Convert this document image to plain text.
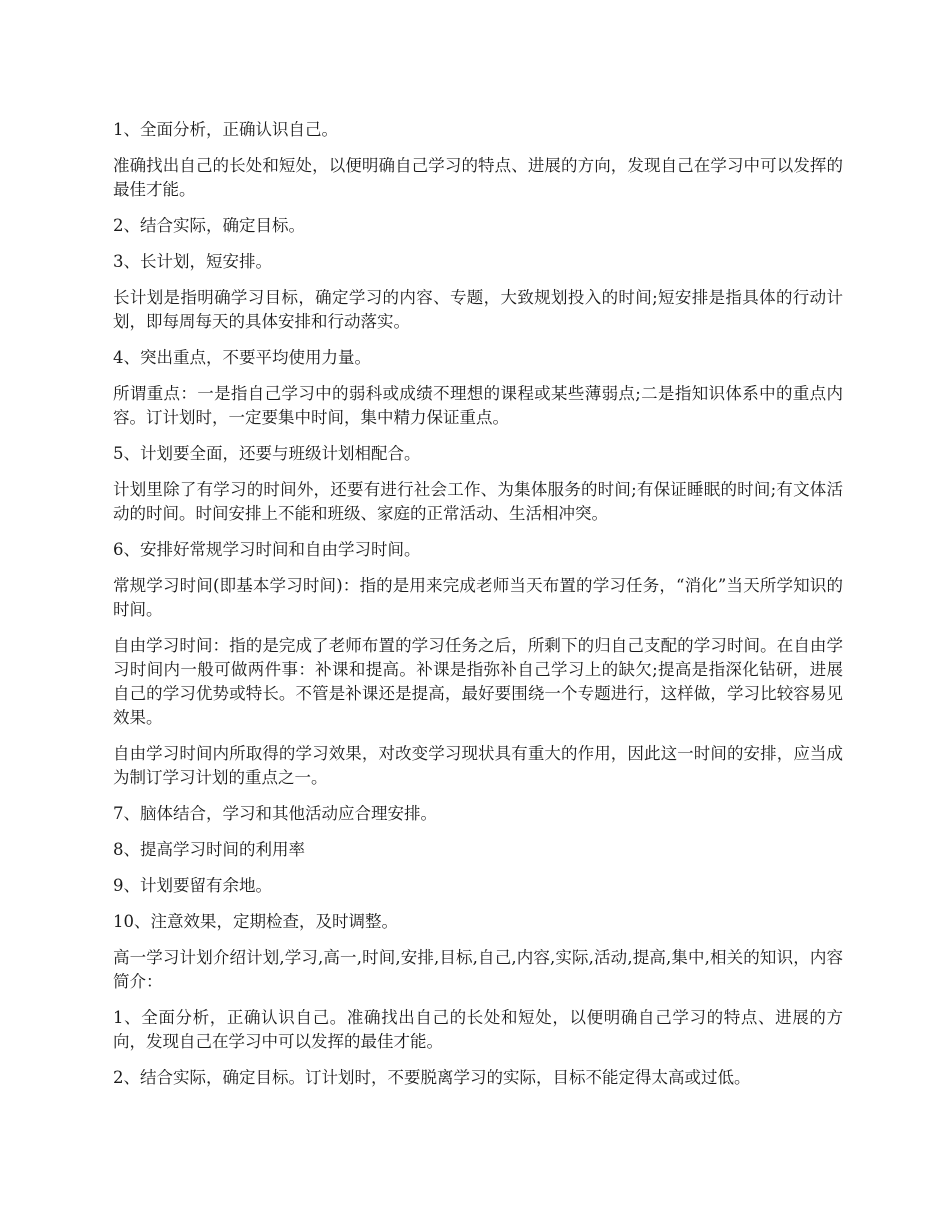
1、全面分析，正确认识自己。

准确找出自己的长处和短处，以便明确自己学习的特点、进展的方向，发现自己在学习中可以发挥的最佳才能。

2、结合实际，确定目标。

3、长计划，短安排。

长计划是指明确学习目标，确定学习的内容、专题，大致规划投入的时间;短安排是指具体的行动计划，即每周每天的具体安排和行动落实。

4、突出重点，不要平均使用力量。

所谓重点：一是指自己学习中的弱科或成绩不理想的课程或某些薄弱点;二是指知识体系中的重点内容。订计划时，一定要集中时间，集中精力保证重点。

5、计划要全面，还要与班级计划相配合。

计划里除了有学习的时间外，还要有进行社会工作、为集体服务的时间;有保证睡眠的时间;有文体活动的时间。时间安排上不能和班级、家庭的正常活动、生活相冲突。

6、安排好常规学习时间和自由学习时间。

常规学习时间(即基本学习时间)：指的是用来完成老师当天布置的学习任务，“消化”当天所学知识的时间。

自由学习时间：指的是完成了老师布置的学习任务之后，所剩下的归自己支配的学习时间。在自由学习时间内一般可做两件事：补课和提高。补课是指弥补自己学习上的缺欠;提高是指深化钻研，进展自己的学习优势或特长。不管是补课还是提高，最好要围绕一个专题进行，这样做，学习比较容易见效果。

自由学习时间内所取得的学习效果，对改变学习现状具有重大的作用，因此这一时间的安排，应当成为制订学习计划的重点之一。

7、脑体结合，学习和其他活动应合理安排。

8、提高学习时间的利用率

9、计划要留有余地。

10、注意效果，定期检查，及时调整。

高一学习计划介绍计划,学习,高一,时间,安排,目标,自己,内容,实际,活动,提高,集中,相关的知识，内容简介：

1、全面分析，正确认识自己。准确找出自己的长处和短处，以便明确自己学习的特点、进展的方向，发现自己在学习中可以发挥的最佳才能。

2、结合实际，确定目标。订计划时，不要脱离学习的实际，目标不能定得太高或过低。
